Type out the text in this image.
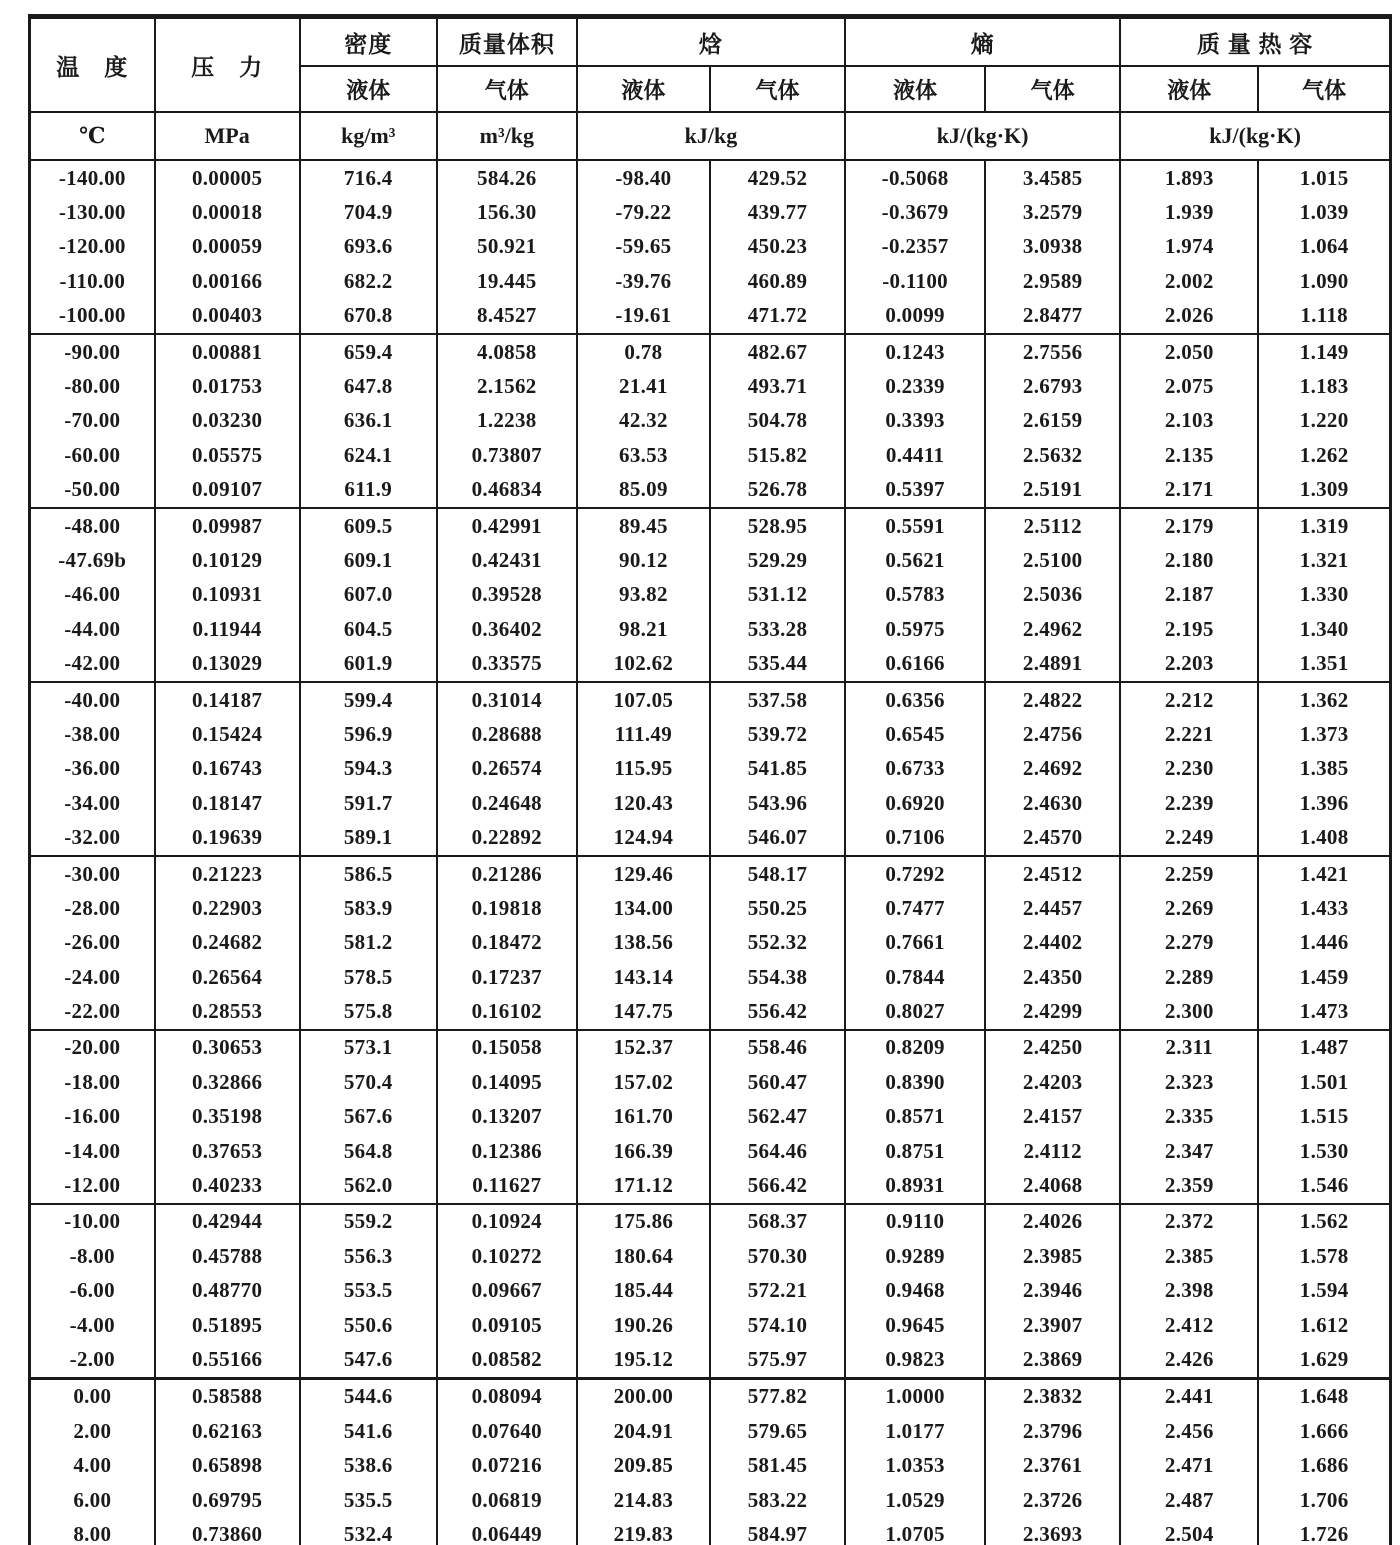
温　度	压　力	密度	质量体积	焓		熵		质 量 热 容	
		液体	气体	液体	气体	液体	气体	液体	气体
℃	MPa	kg/m³	m³/kg	kJ/kg		kJ/(kg·K)		kJ/(kg·K)	
-140.00	0.00005	716.4	584.26	-98.40	429.52	-0.5068	3.4585	1.893	1.015
-130.00	0.00018	704.9	156.30	-79.22	439.77	-0.3679	3.2579	1.939	1.039
-120.00	0.00059	693.6	50.921	-59.65	450.23	-0.2357	3.0938	1.974	1.064
-110.00	0.00166	682.2	19.445	-39.76	460.89	-0.1100	2.9589	2.002	1.090
-100.00	0.00403	670.8	8.4527	-19.61	471.72	0.0099	2.8477	2.026	1.118
-90.00	0.00881	659.4	4.0858	0.78	482.67	0.1243	2.7556	2.050	1.149
-80.00	0.01753	647.8	2.1562	21.41	493.71	0.2339	2.6793	2.075	1.183
-70.00	0.03230	636.1	1.2238	42.32	504.78	0.3393	2.6159	2.103	1.220
-60.00	0.05575	624.1	0.73807	63.53	515.82	0.4411	2.5632	2.135	1.262
-50.00	0.09107	611.9	0.46834	85.09	526.78	0.5397	2.5191	2.171	1.309
-48.00	0.09987	609.5	0.42991	89.45	528.95	0.5591	2.5112	2.179	1.319
-47.69b	0.10129	609.1	0.42431	90.12	529.29	0.5621	2.5100	2.180	1.321
-46.00	0.10931	607.0	0.39528	93.82	531.12	0.5783	2.5036	2.187	1.330
-44.00	0.11944	604.5	0.36402	98.21	533.28	0.5975	2.4962	2.195	1.340
-42.00	0.13029	601.9	0.33575	102.62	535.44	0.6166	2.4891	2.203	1.351
-40.00	0.14187	599.4	0.31014	107.05	537.58	0.6356	2.4822	2.212	1.362
-38.00	0.15424	596.9	0.28688	111.49	539.72	0.6545	2.4756	2.221	1.373
-36.00	0.16743	594.3	0.26574	115.95	541.85	0.6733	2.4692	2.230	1.385
-34.00	0.18147	591.7	0.24648	120.43	543.96	0.6920	2.4630	2.239	1.396
-32.00	0.19639	589.1	0.22892	124.94	546.07	0.7106	2.4570	2.249	1.408
-30.00	0.21223	586.5	0.21286	129.46	548.17	0.7292	2.4512	2.259	1.421
-28.00	0.22903	583.9	0.19818	134.00	550.25	0.7477	2.4457	2.269	1.433
-26.00	0.24682	581.2	0.18472	138.56	552.32	0.7661	2.4402	2.279	1.446
-24.00	0.26564	578.5	0.17237	143.14	554.38	0.7844	2.4350	2.289	1.459
-22.00	0.28553	575.8	0.16102	147.75	556.42	0.8027	2.4299	2.300	1.473
-20.00	0.30653	573.1	0.15058	152.37	558.46	0.8209	2.4250	2.311	1.487
-18.00	0.32866	570.4	0.14095	157.02	560.47	0.8390	2.4203	2.323	1.501
-16.00	0.35198	567.6	0.13207	161.70	562.47	0.8571	2.4157	2.335	1.515
-14.00	0.37653	564.8	0.12386	166.39	564.46	0.8751	2.4112	2.347	1.530
-12.00	0.40233	562.0	0.11627	171.12	566.42	0.8931	2.4068	2.359	1.546
-10.00	0.42944	559.2	0.10924	175.86	568.37	0.9110	2.4026	2.372	1.562
-8.00	0.45788	556.3	0.10272	180.64	570.30	0.9289	2.3985	2.385	1.578
-6.00	0.48770	553.5	0.09667	185.44	572.21	0.9468	2.3946	2.398	1.594
-4.00	0.51895	550.6	0.09105	190.26	574.10	0.9645	2.3907	2.412	1.612
-2.00	0.55166	547.6	0.08582	195.12	575.97	0.9823	2.3869	2.426	1.629
0.00	0.58588	544.6	0.08094	200.00	577.82	1.0000	2.3832	2.441	1.648
2.00	0.62163	541.6	0.07640	204.91	579.65	1.0177	2.3796	2.456	1.666
4.00	0.65898	538.6	0.07216	209.85	581.45	1.0353	2.3761	2.471	1.686
6.00	0.69795	535.5	0.06819	214.83	583.22	1.0529	2.3726	2.487	1.706
8.00	0.73860	532.4	0.06449	219.83	584.97	1.0705	2.3693	2.504	1.726
